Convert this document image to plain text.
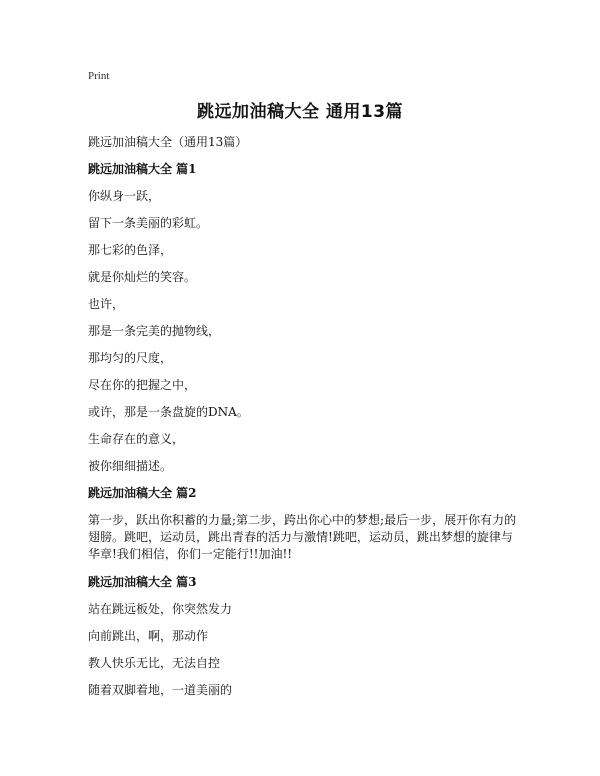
Print
跳远加油稿大全 通用13篇
跳远加油稿大全（通用13篇）
跳远加油稿大全 篇1
你纵身一跃，
留下一条美丽的彩虹。
那七彩的色泽，
就是你灿烂的笑容。
也许，
那是一条完美的抛物线，
那均匀的尺度，
尽在你的把握之中，
或许，那是一条盘旋的DNA。
生命存在的意义，
被你细细描述。
跳远加油稿大全 篇2
第一步，跃出你积蓄的力量;第二步，跨出你心中的梦想;最后一步，展开你有力的翅膀。跳吧，运动员，跳出青春的活力与激情!跳吧，运动员，跳出梦想的旋律与华章!我们相信，你们一定能行!!加油!!
跳远加油稿大全 篇3
站在跳远板处，你突然发力
向前跳出，啊，那动作
教人快乐无比，无法自控
随着双脚着地，一道美丽的
